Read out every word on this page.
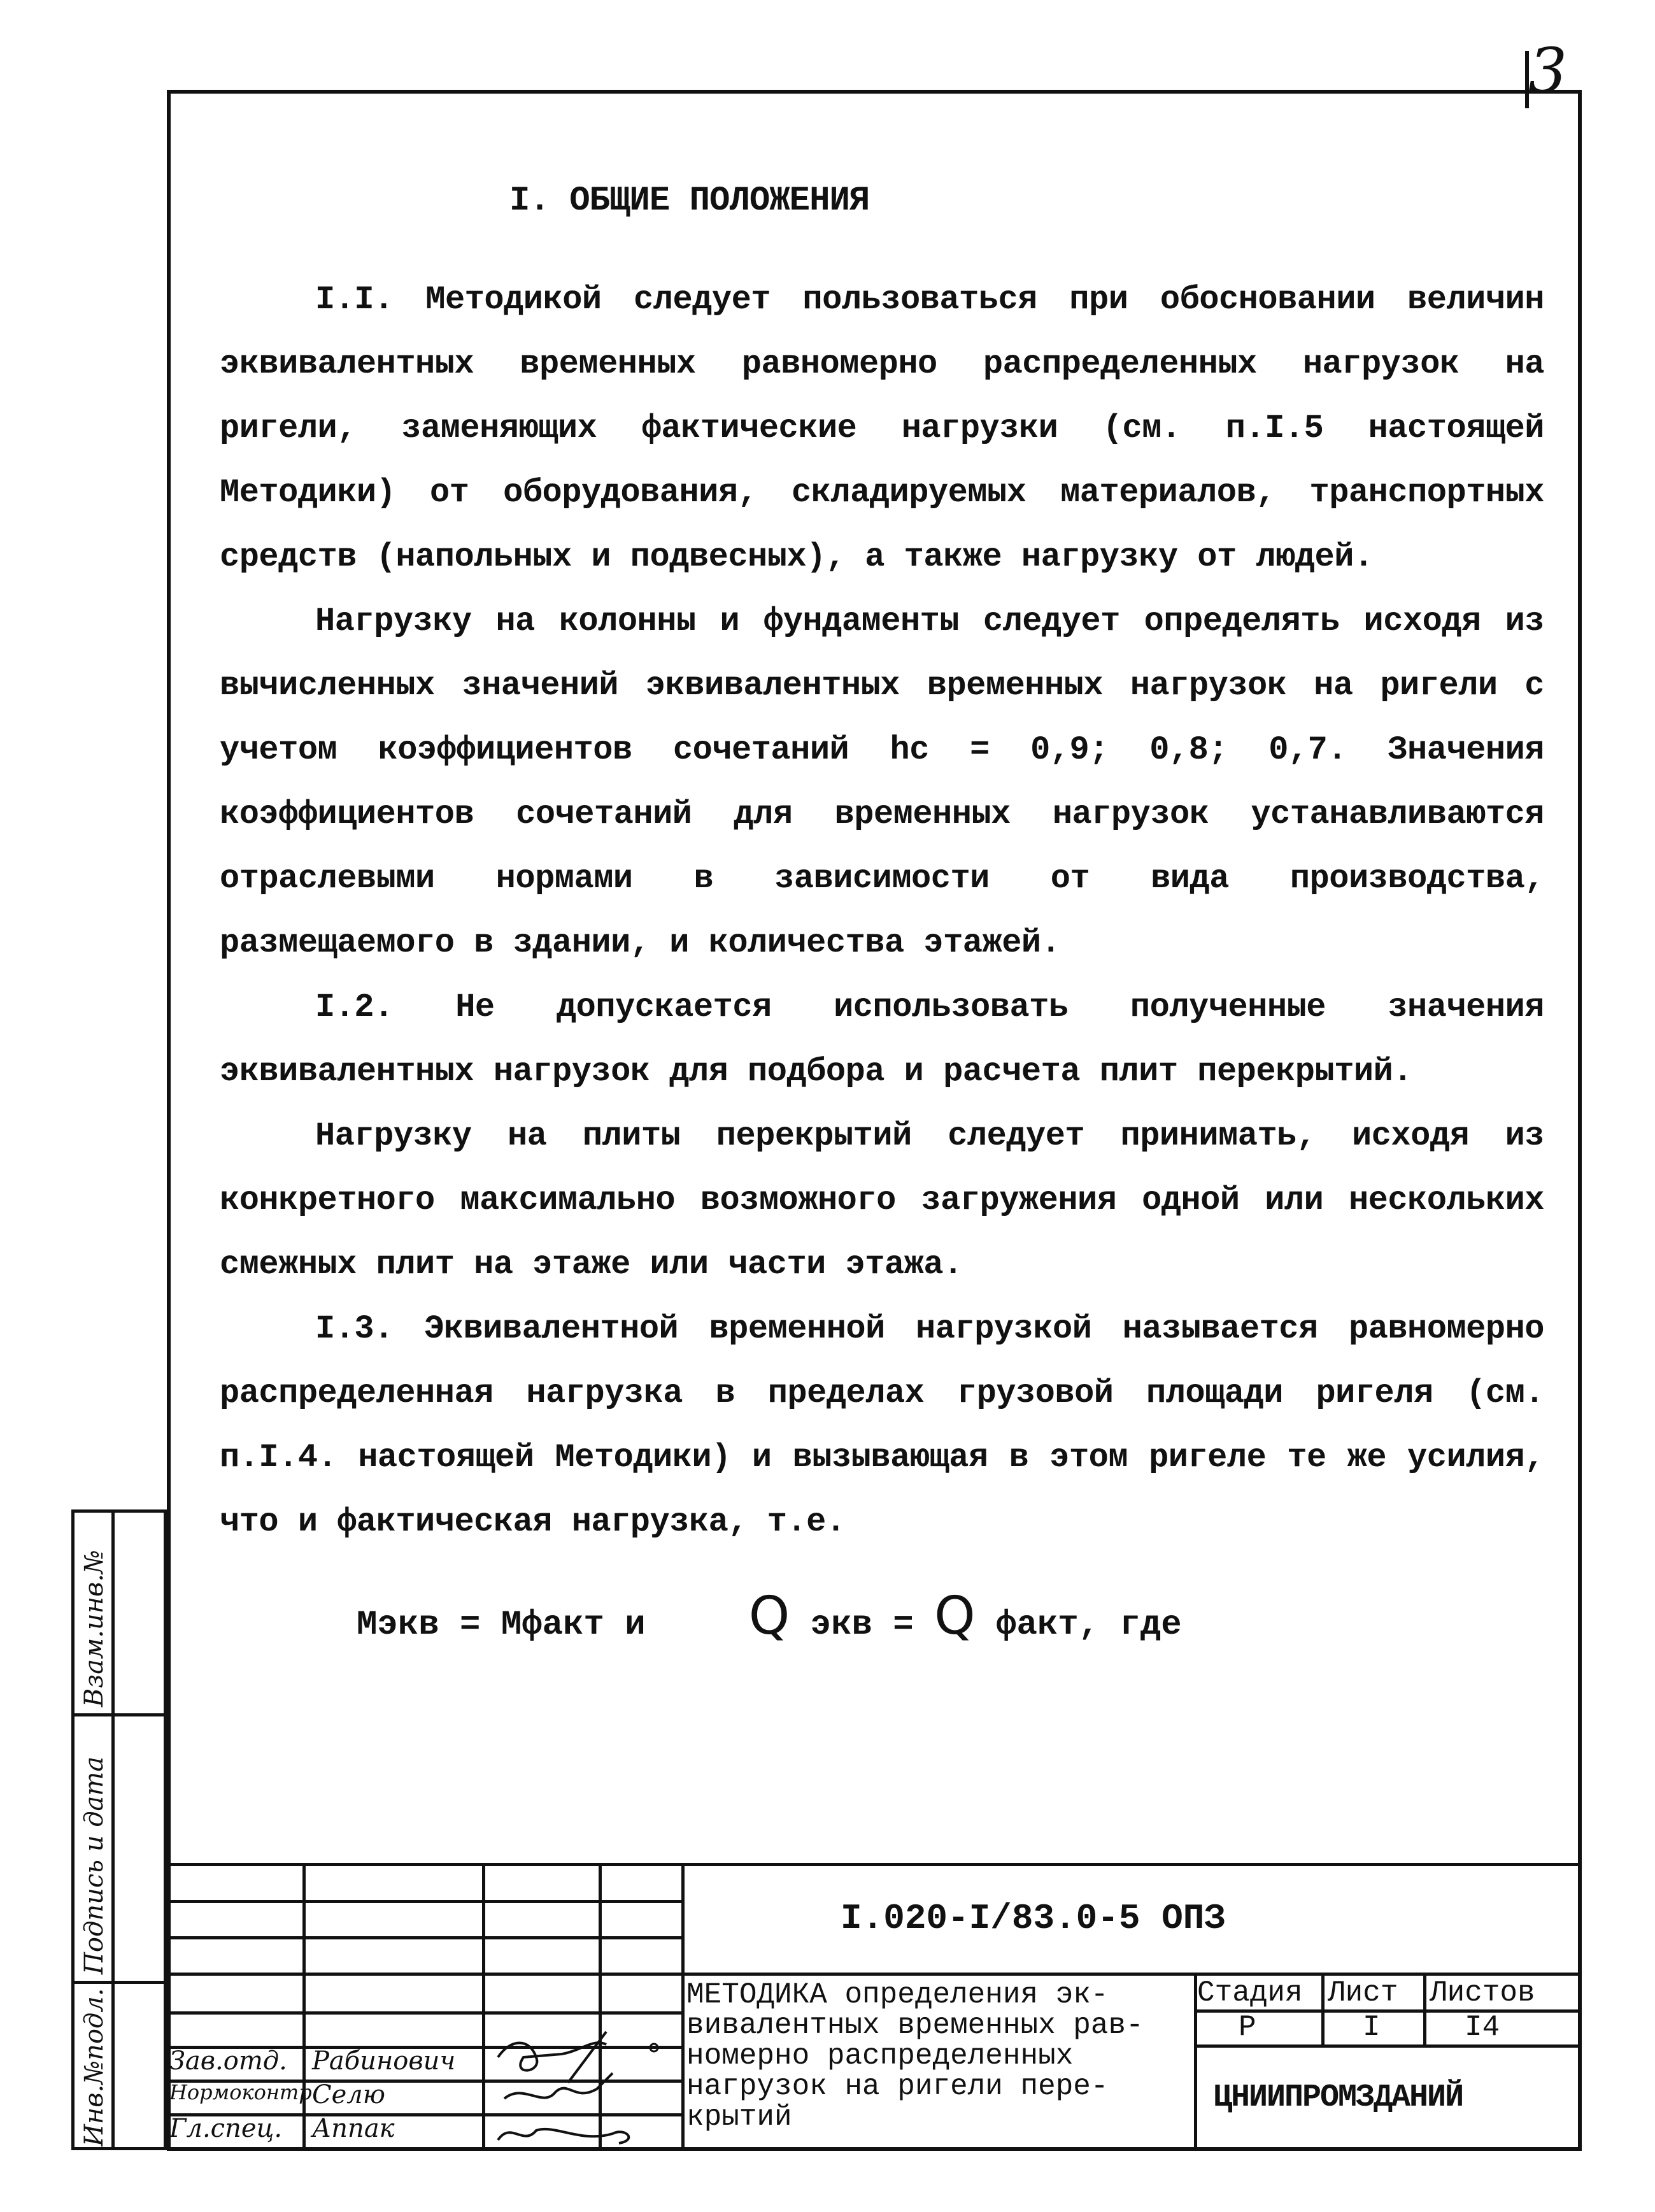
3
I. ОБЩИЕ ПОЛОЖЕНИЯ

I.I. Методикой следует пользоваться при обосновании величин эквивалентных временных равномерно распределенных нагрузок на ригели, заменяющих фактические нагрузки (см. п.I.5 настоящей Методики) от оборудования, складируемых материалов, транспортных средств (напольных и подвесных), а также нагрузку от людей.

Нагрузку на колонны и фундаменты следует определять исходя из вычисленных значений эквивалентных временных нагрузок на ригели с учетом коэффициентов сочетаний hc = 0,9; 0,8; 0,7. Значения коэффициентов сочетаний для временных нагрузок устанавливаются отраслевыми нормами в зависимости от вида производства, размещаемого в здании, и количества этажей.

I.2. Не допускается использовать полученные значения эквивалентных нагрузок для подбора и расчета плит перекрытий.

Нагрузку на плиты перекрытий следует принимать, исходя из конкретного максимально возможного загружения одной или нескольких смежных плит на этаже или части этажа.

I.3. Эквивалентной временной нагрузкой называется равномерно распределенная нагрузка в пределах грузовой площади ригеля (см. п.I.4. настоящей Методики) и вызывающая в этом ригеле те же усилия, что и фактическая нагрузка, т.е.

Мэкв = Мфакт и Q экв = Q факт, где
Взам.инв.№
Подпись и дата
Инв.№подл.
I.020-I/83.0-5 ОПЗ
МЕТОДИКА определения эк-
вивалентных временных рав-
номерно распределенных
нагрузок на ригели пере-
крытий
Стадия Лист Листов
Р	I	I4
ЦНИИПРОМЗДАНИЙ
Зав.отд.
Нормоконтр.
Гл.спец.
Рабинович
Селю
Аппак
